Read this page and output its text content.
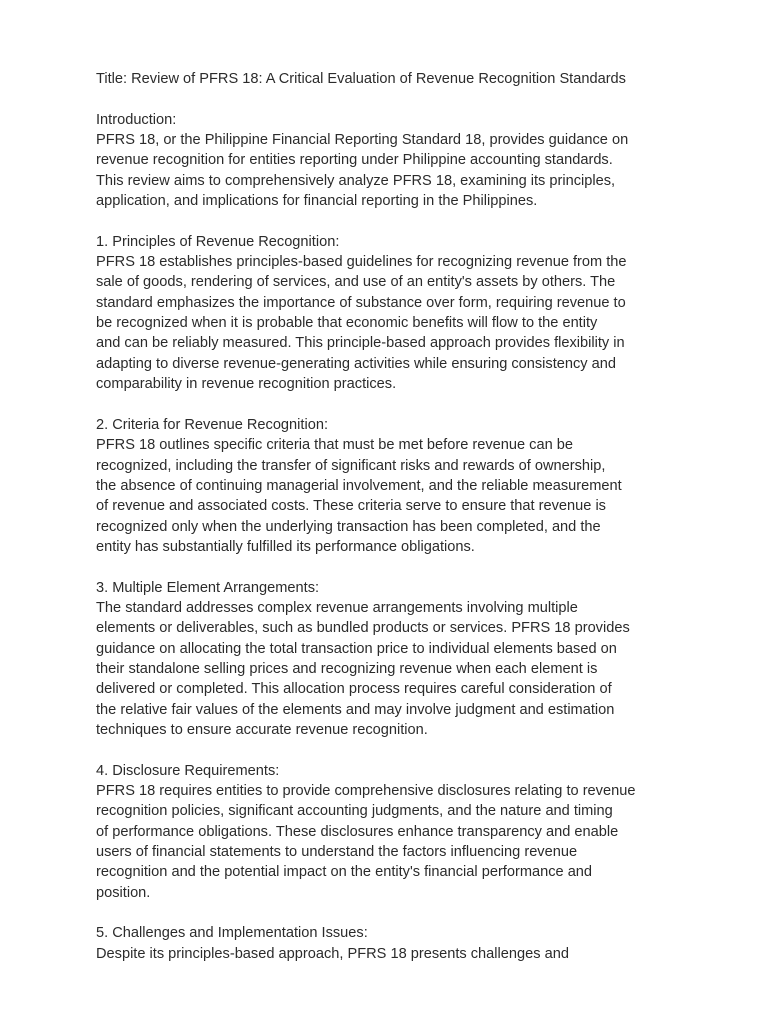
Title: Review of PFRS 18: A Critical Evaluation of Revenue Recognition Standards
Introduction:
PFRS 18, or the Philippine Financial Reporting Standard 18, provides guidance on
revenue recognition for entities reporting under Philippine accounting standards.
This review aims to comprehensively analyze PFRS 18, examining its principles,
application, and implications for financial reporting in the Philippines.
1. Principles of Revenue Recognition:
PFRS 18 establishes principles-based guidelines for recognizing revenue from the
sale of goods, rendering of services, and use of an entity's assets by others. The
standard emphasizes the importance of substance over form, requiring revenue to
be recognized when it is probable that economic benefits will flow to the entity
and can be reliably measured. This principle-based approach provides flexibility in
adapting to diverse revenue-generating activities while ensuring consistency and
comparability in revenue recognition practices.
2. Criteria for Revenue Recognition:
PFRS 18 outlines specific criteria that must be met before revenue can be
recognized, including the transfer of significant risks and rewards of ownership,
the absence of continuing managerial involvement, and the reliable measurement
of revenue and associated costs. These criteria serve to ensure that revenue is
recognized only when the underlying transaction has been completed, and the
entity has substantially fulfilled its performance obligations.
3. Multiple Element Arrangements:
The standard addresses complex revenue arrangements involving multiple
elements or deliverables, such as bundled products or services. PFRS 18 provides
guidance on allocating the total transaction price to individual elements based on
their standalone selling prices and recognizing revenue when each element is
delivered or completed. This allocation process requires careful consideration of
the relative fair values of the elements and may involve judgment and estimation
techniques to ensure accurate revenue recognition.
4. Disclosure Requirements:
PFRS 18 requires entities to provide comprehensive disclosures relating to revenue
recognition policies, significant accounting judgments, and the nature and timing
of performance obligations. These disclosures enhance transparency and enable
users of financial statements to understand the factors influencing revenue
recognition and the potential impact on the entity's financial performance and
position.
5. Challenges and Implementation Issues:
Despite its principles-based approach, PFRS 18 presents challenges and
